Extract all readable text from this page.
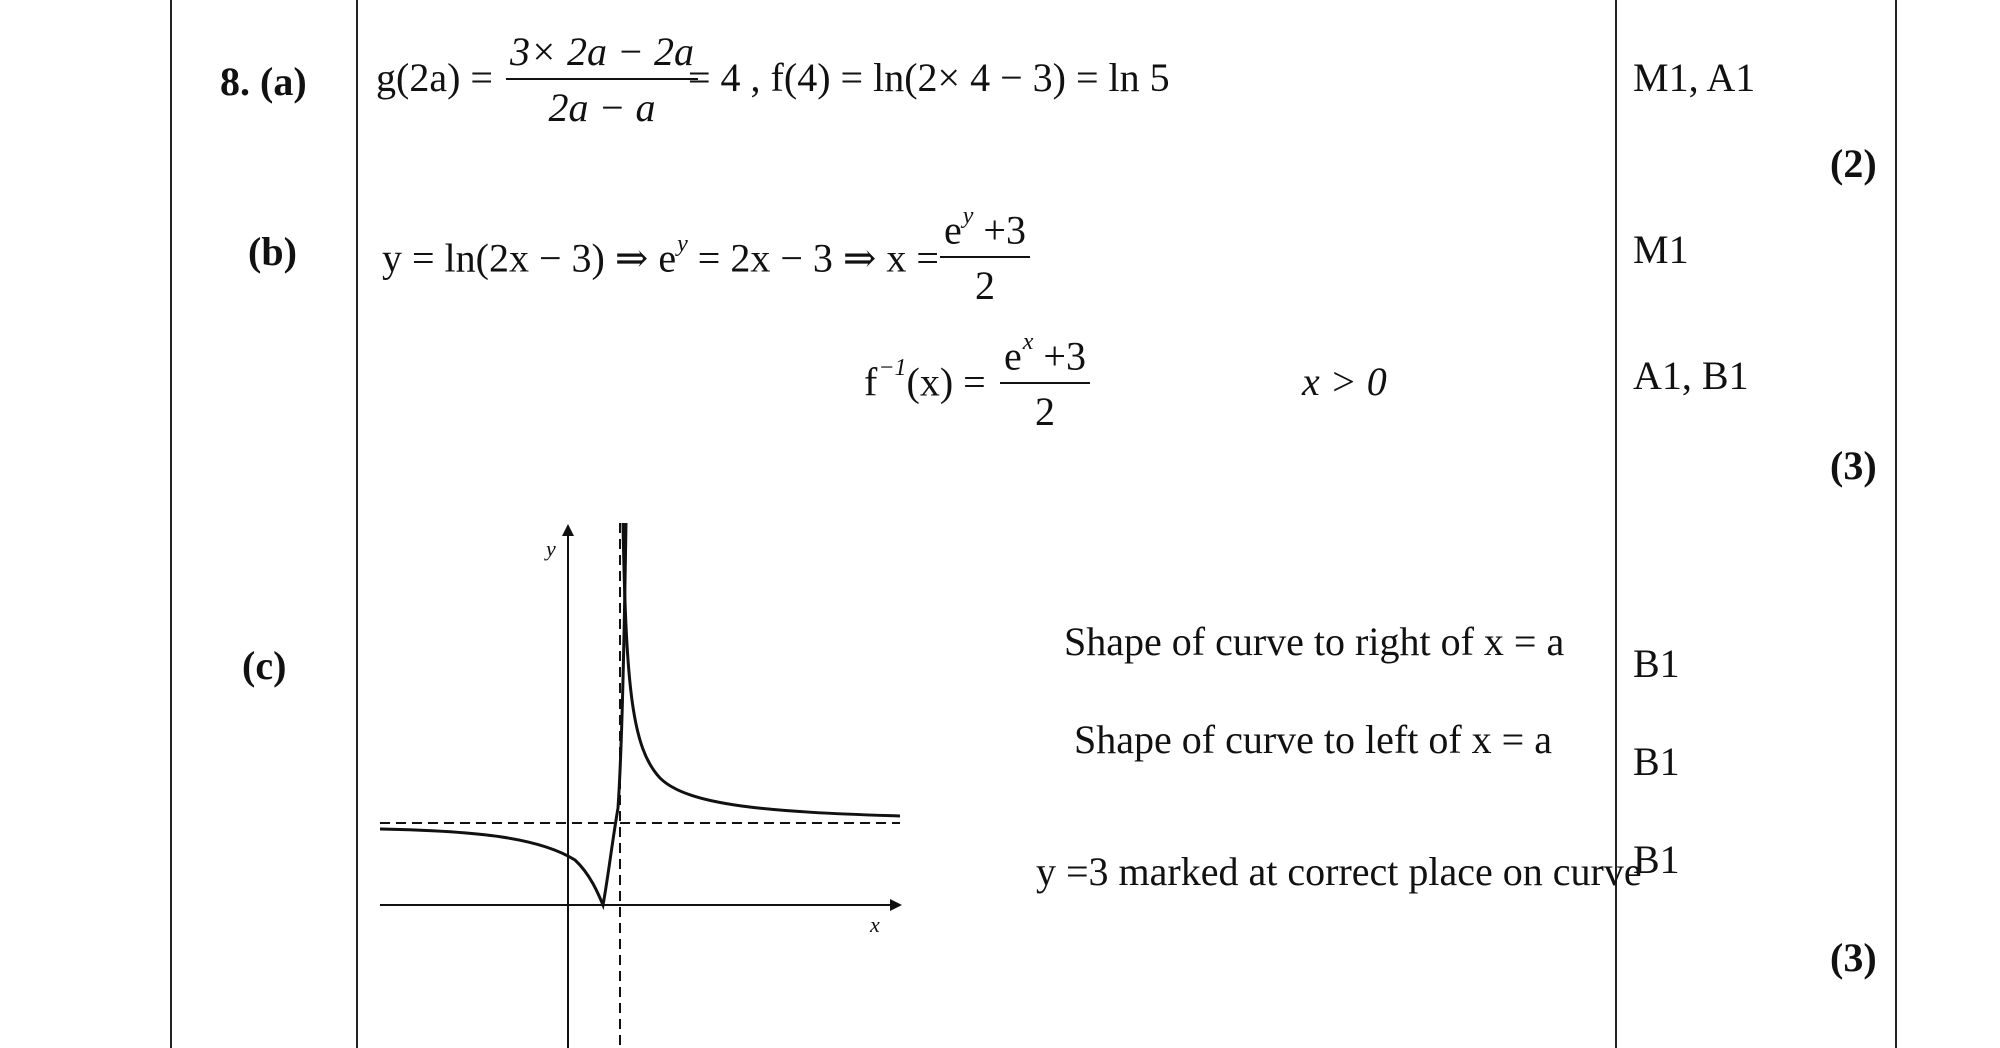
8. (a)
(b)
(c)
$g(2a) = \frac{3\times 2a - 2a}{2a - a}$
= 4 , f(4) = ln(2× 4 − 3) = ln 5
y = ln(2x − 3) ⇒ $e^y = 2x - 3$ ⇒ $x = \frac{e^y +3}{2}$
$f^{-1}(x) = \frac{e^x +3}{2}$	x > 0
y
x
Shape of curve to right of x = a
Shape of curve to left of x = a
y =3 marked at correct place on curve
M1, A1
M1
A1, B1
B1
B1
B1
(2)
(3)
(3)
